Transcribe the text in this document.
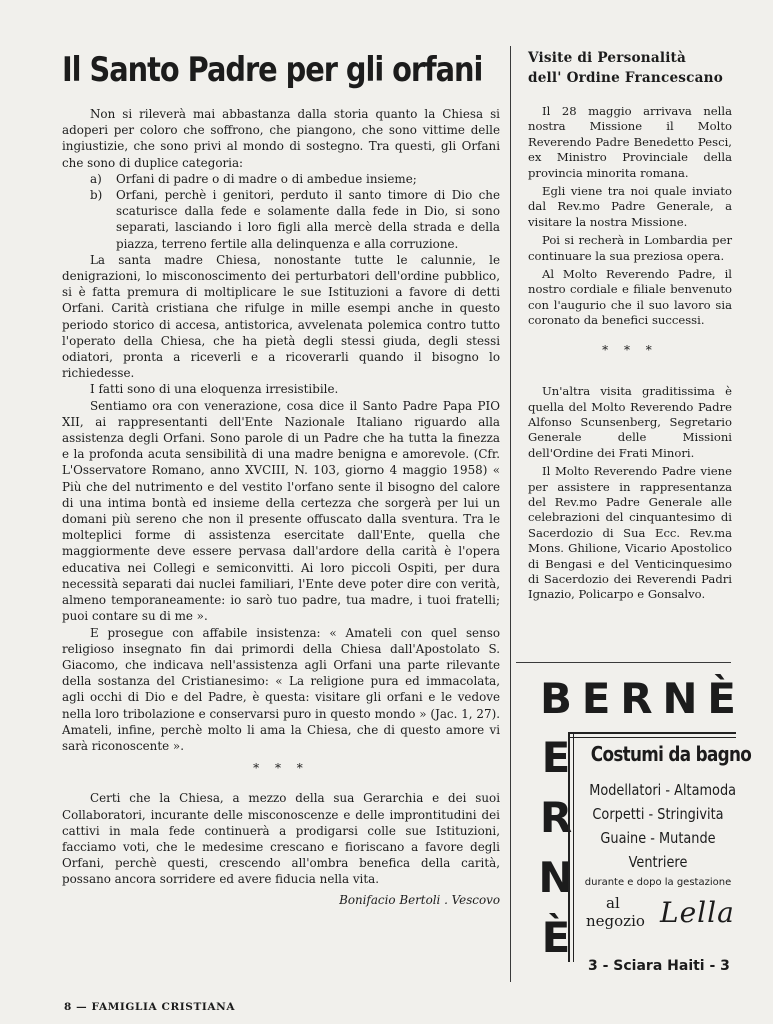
Il Santo Padre per gli orfani

Non si rileverà mai abbastanza dalla storia quanto la Chiesa si adoperi per coloro che soffrono, che piangono, che sono vittime delle ingiustizie, che sono privi al mondo di sostegno. Tra questi, gli Orfani che sono di duplice categoria:

a) Orfani di padre o di madre o di ambedue insieme;
b) Orfani, perchè i genitori, perduto il santo timore di Dio che scaturisce dalla fede e solamente dalla fede in Dio, si sono separati, lasciando i loro figli alla mercè della strada e della piazza, terreno fertile alla delinquenza e alla corruzione.

La santa madre Chiesa, nonostante tutte le calunnie, le denigrazioni, lo misconoscimento dei perturbatori dell'ordine pubblico, si è fatta premura di moltiplicare le sue Istituzioni a favore di detti Orfani. Carità cristiana che rifulge in mille esempi anche in questo periodo storico di accesa, antistorica, avvelenata polemica contro tutto l'operato della Chiesa, che ha pietà degli stessi giuda, degli stessi odiatori, pronta a riceverli e a ricoverarli quando il bisogno lo richiedesse.

I fatti sono di una eloquenza irresistibile.

Sentiamo ora con venerazione, cosa dice il Santo Padre Papa PIO XII, ai rappresentanti dell'Ente Nazionale Italiano riguardo alla assistenza degli Orfani. Sono parole di un Padre che ha tutta la finezza e la profonda acuta sensibilità di una madre benigna e amorevole. (Cfr. L'Osservatore Romano, anno XVCIII, N. 103, giorno 4 maggio 1958) « Più che del nutrimento e del vestito l'orfano sente il bisogno del calore di una intima bontà ed insieme della certezza che sorgerà per lui un domani più sereno che non il presente offuscato dalla sventura. Tra le molteplici forme di assistenza esercitate dall'Ente, quella che maggiormente deve essere pervasa dall'ardore della carità è l'opera educativa nei Collegi e semiconvitti. Ai loro piccoli Ospiti, per dura necessità separati dai nuclei familiari, l'Ente deve poter dire con verità, almeno temporaneamente: io sarò tuo padre, tua madre, i tuoi fratelli; puoi contare su di me ».

E prosegue con affabile insistenza: « Amateli con quel senso religioso insegnato fin dai primordi della Chiesa dall'Apostolato S. Giacomo, che indicava nell'assistenza agli Orfani una parte rilevante della sostanza del Cristianesimo: « La religione pura ed immacolata, agli occhi di Dio e del Padre, è questa: visitare gli orfani e le vedove nella loro tribolazione e conservarsi puro in questo mondo » (Jac. 1, 27). Amateli, infine, perchè molto li ama la Chiesa, che di questo amore vi sarà riconoscente ».

* * *

Certi che la Chiesa, a mezzo della sua Gerarchia e dei suoi Collaboratori, incurante delle misconoscenze e delle improntitudini dei cattivi in mala fede continuerà a prodigarsi colle sue Istituzioni, facciamo voti, che le medesime crescano e fioriscano a favore degli Orfani, perchè questi, crescendo all'ombra benefica della carità, possano ancora sorridere ed avere fiducia nella vita.

Bonifacio Bertoli . Vescovo
Visite di Personalità
dell' Ordine Francescano

Il 28 maggio arrivava nella nostra Missione il Molto Reverendo Padre Benedetto Pesci, ex Ministro Provinciale della provincia minorita romana.

Egli viene tra noi quale inviato dal Rev.mo Padre Generale, a visitare la nostra Missione.

Poi si recherà in Lombardia per continuare la sua preziosa opera.

Al Molto Reverendo Padre, il nostro cordiale e filiale benvenuto con l'augurio che il suo lavoro sia coronato da benefici successi.

* * *

Un'altra visita graditissima è quella del Molto Reverendo Padre Alfonso Scunsenberg, Segretario Generale delle Missioni dell'Ordine dei Frati Minori.

Il Molto Reverendo Padre viene per assistere in rappresentanza del Rev.mo Padre Generale alle celebrazioni del cinquantesimo di Sacerdozio di Sua Ecc. Rev.ma Mons. Ghilione, Vicario Apostolico di Bengasi e del Venticinquesimo di Sacerdozio dei Reverendi Padri Ignazio, Policarpo e Gonsalvo.

B E R N È
E
R
N
È
Costumi da bagno
Modellatori - Altamoda
Corpetti - Stringivita
Guaine - Mutande
Ventriere
durante e dopo la gestazione
al
negozio Lella
3 - Sciara Haiti - 3
8 — FAMIGLIA CRISTIANA
